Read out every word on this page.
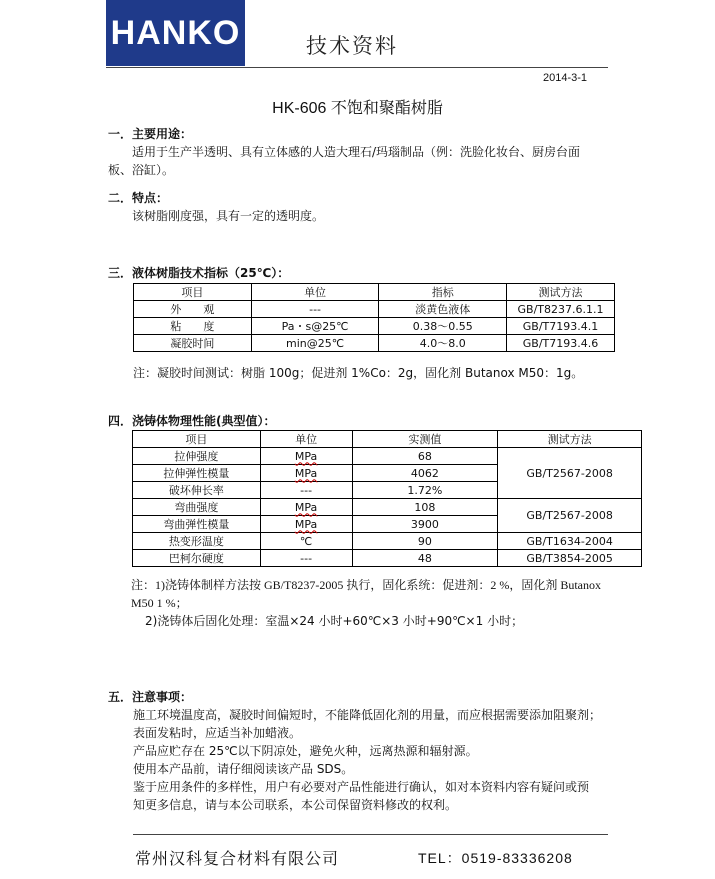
HANKO	技术资料
2014-3-1
HK-606 不饱和聚酯树脂
一．主要用途：
适用于生产半透明、具有立体感的人造大理石/玛瑙制品（例：洗脸化妆台、厨房台面
板、浴缸）。
二．特点：
该树脂刚度强，具有一定的透明度。
三．液体树脂技术指标（25℃）：
项目	单位	指标	测试方法
外　　观	---	淡黄色液体	GB/T8237.6.1.1
粘　　度	Pa・s@25℃	0.38～0.55	GB/T7193.4.1
凝胶时间	min@25℃	4.0～8.0	GB/T7193.4.6
注：凝胶时间测试：树脂 100g；促进剂 1%Co：2g，固化剂 Butanox M50：1g。
四．浇铸体物理性能(典型值）：
项目	单位	实测值	测试方法
拉伸强度	MPa	68	GB/T2567-2008
拉伸弹性模量	MPa	4062	
破坏伸长率	---	1.72%	
弯曲强度	MPa	108	GB/T2567-2008
弯曲弹性模量	MPa	3900	
热变形温度	℃	90	GB/T1634-2004
巴柯尔硬度	---	48	GB/T3854-2005
注：1)浇铸体制样方法按 GB/T8237-2005 执行，固化系统：促进剂：2 %，固化剂 Butanox
M50 1 %；
2)浇铸体后固化处理：室温×24 小时+60℃×3 小时+90℃×1 小时；
五．注意事项：
施工环境温度高，凝胶时间偏短时，不能降低固化剂的用量，而应根据需要添加阻聚剂；
表面发粘时，应适当补加蜡液。
产品应贮存在 25℃以下阴凉处，避免火种，远离热源和辐射源。
使用本产品前，请仔细阅读该产品 SDS。
鉴于应用条件的多样性，用户有必要对产品性能进行确认，如对本资料内容有疑问或预
知更多信息，请与本公司联系，本公司保留资料修改的权利。
常州汉科复合材料有限公司	TEL：0519-83336208
